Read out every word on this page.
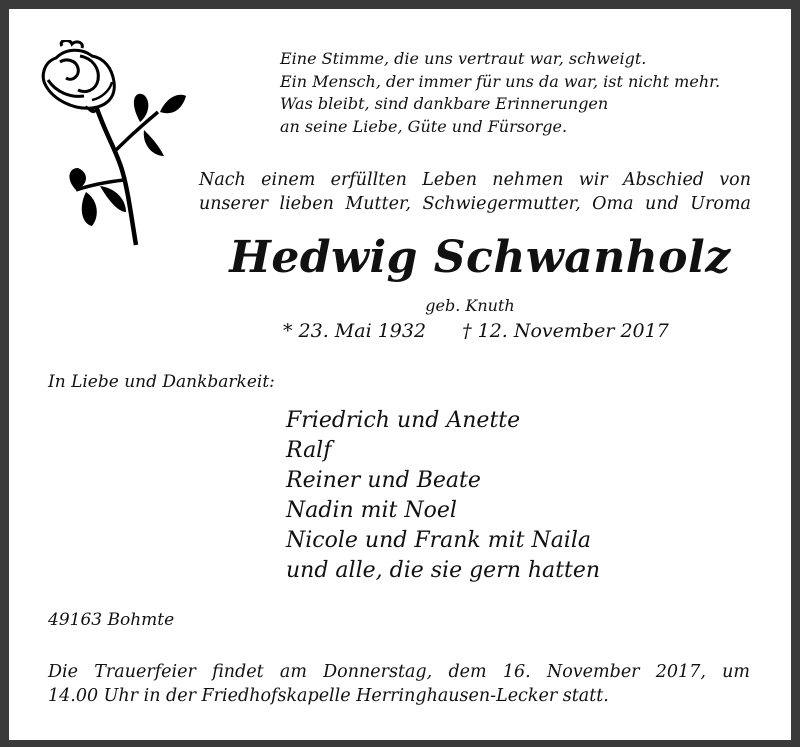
Eine Stimme, die uns vertraut war, schweigt.
Ein Mensch, der immer für uns da war, ist nicht mehr.
Was bleibt, sind dankbare Erinnerungen
an seine Liebe, Güte und Fürsorge.
Nach einem erfüllten Leben nehmen wir Abschied von
unserer lieben Mutter, Schwiegermutter, Oma und Uroma
Hedwig Schwanholz
geb. Knuth
* 23. Mai 1932 † 12. November 2017
In Liebe und Dankbarkeit:
Friedrich und Anette
Ralf
Reiner und Beate
Nadin mit Noel
Nicole und Frank mit Naila
und alle, die sie gern hatten
49163 Bohmte
Die Trauerfeier findet am Donnerstag, dem 16. November 2017, um
14.00 Uhr in der Friedhofskapelle Herringhausen-Lecker statt.
